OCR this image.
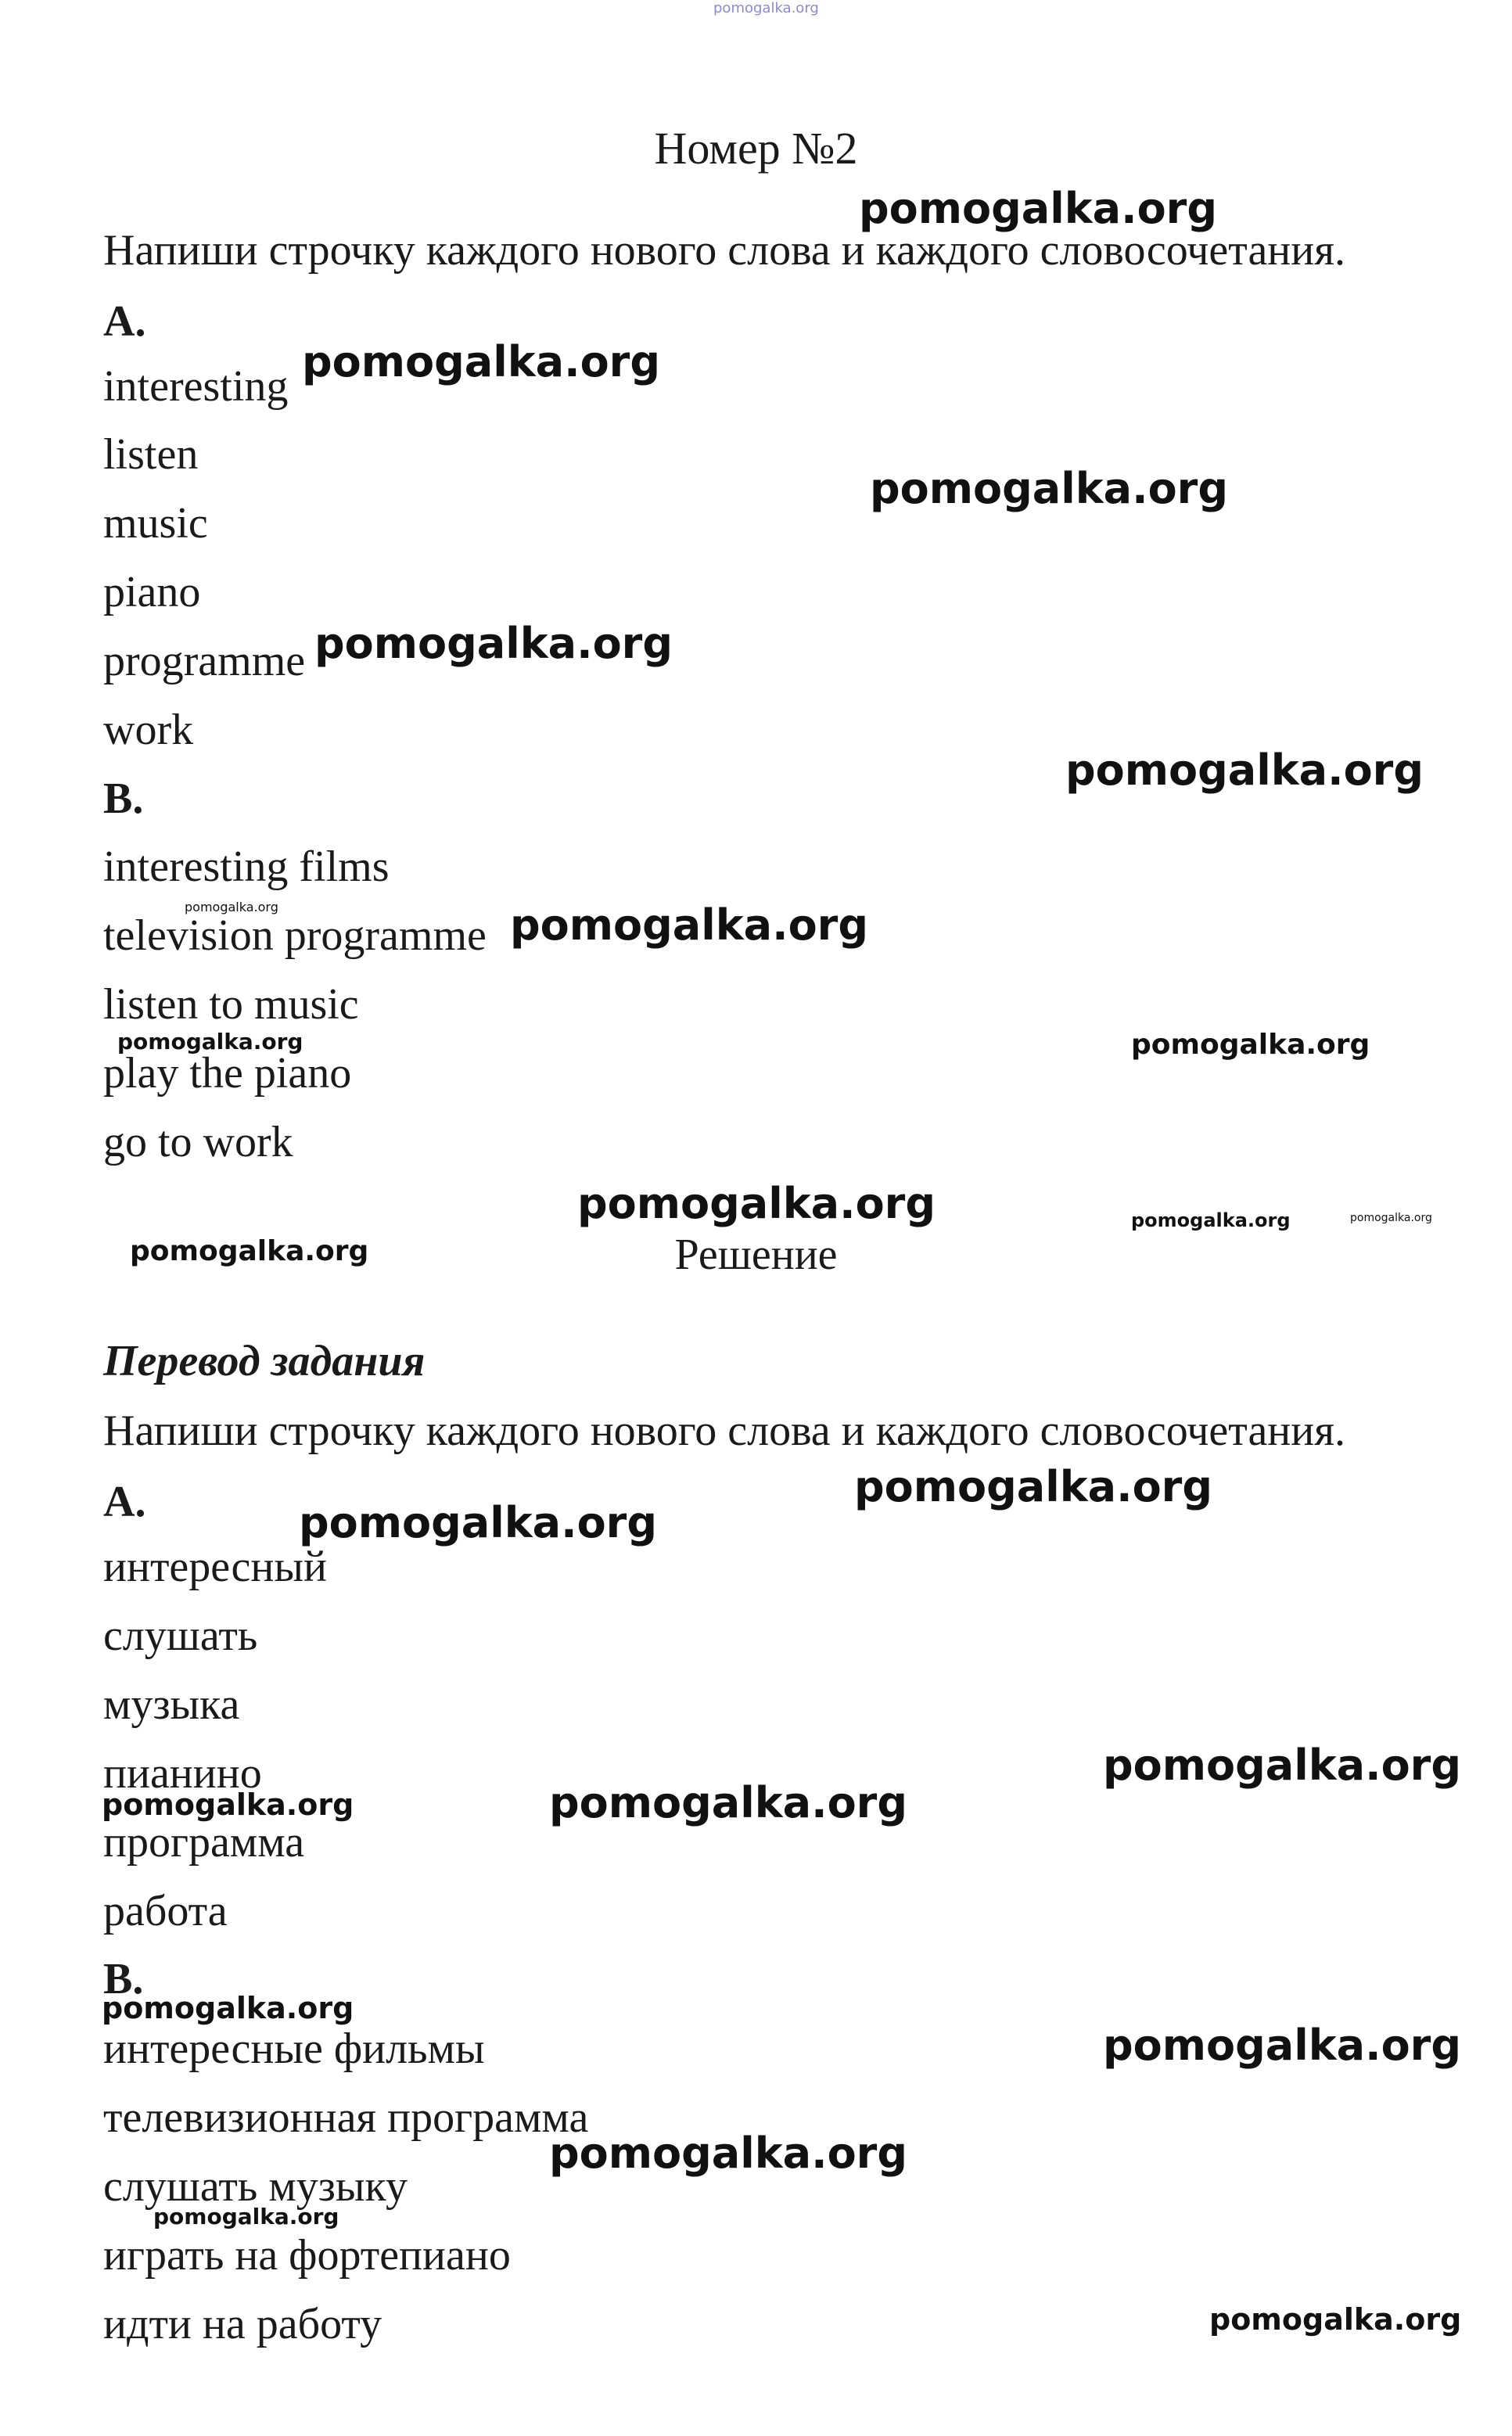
pomogalka.org
Номер №2
Напиши строчку каждого нового слова и каждого словосочетания.
A.
interesting
listen
music
piano
programme
work
B.
interesting films
television programme
listen to music
play the piano
go to work
Решение
Перевод задания
Напиши строчку каждого нового слова и каждого словосочетания.
A.
интересный
слушать
музыка
пианино
программа
работа
B.
интересные фильмы
телевизионная программа
слушать музыку
играть на фортепиано
идти на работу
pomogalka.org
pomogalka.org
pomogalka.org
pomogalka.org
pomogalka.org
pomogalka.org	pomogalka.org
pomogalka.org	pomogalka.org
pomogalka.org
pomogalka.org
pomogalka.org	pomogalka.org
pomogalka.org
pomogalka.org
pomogalka.org
pomogalka.org	pomogalka.org
pomogalka.org
pomogalka.org
pomogalka.org
pomogalka.org
pomogalka.org
